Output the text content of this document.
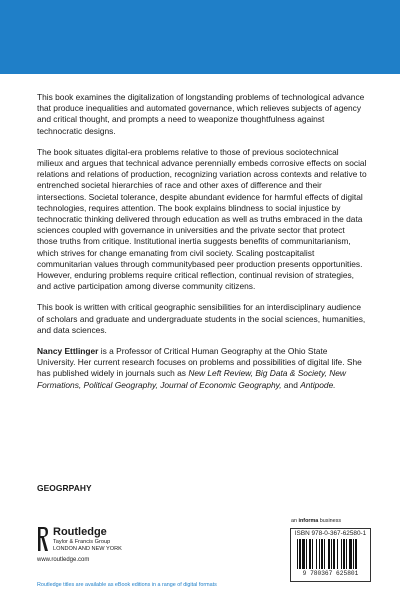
This book examines the digitalization of longstanding problems of technological advance that produce inequalities and automated governance, which relieves subjects of agency and critical thought, and prompts a need to weaponize thoughtfulness against technocratic designs.

The book situates digital-era problems relative to those of previous sociotechnical milieux and argues that technical advance perennially embeds corrosive effects on social relations and relations of production, recognizing variation across contexts and relative to entrenched societal hierarchies of race and other axes of difference and their intersections. Societal tolerance, despite abundant evidence for harmful effects of digital technologies, requires attention. The book explains blindness to social injustice by technocratic thinking delivered through education as well as truths embraced in the data sciences coupled with governance in universities and the private sector that protect those truths from critique. Institutional inertia suggests benefits of communitarianism, which strives for change emanating from civil society. Scaling postcapitalist communitarian values through communitybased peer production presents opportunities. However, enduring problems require critical reflection, continual revision of strategies, and active participation among diverse community citizens.

This book is written with critical geographic sensibilities for an interdisciplinary audience of scholars and graduate and undergraduate students in the social sciences, humanities, and data sciences.

Nancy Ettlinger is a Professor of Critical Human Geography at the Ohio State University. Her current research focuses on problems and possibilities of digital life. She has published widely in journals such as New Left Review, Big Data & Society, New Formations, Political Geography, Journal of Economic Geography, and Antipode.

GEOGRPAHY
Routledge
Taylor & Francis Group
LONDON AND NEW YORK
www.routledge.com
Routledge titles are available as eBook editions in a range of digital formats
an informa business
ISBN 978-0-367-62580-1
9 780367 625801
